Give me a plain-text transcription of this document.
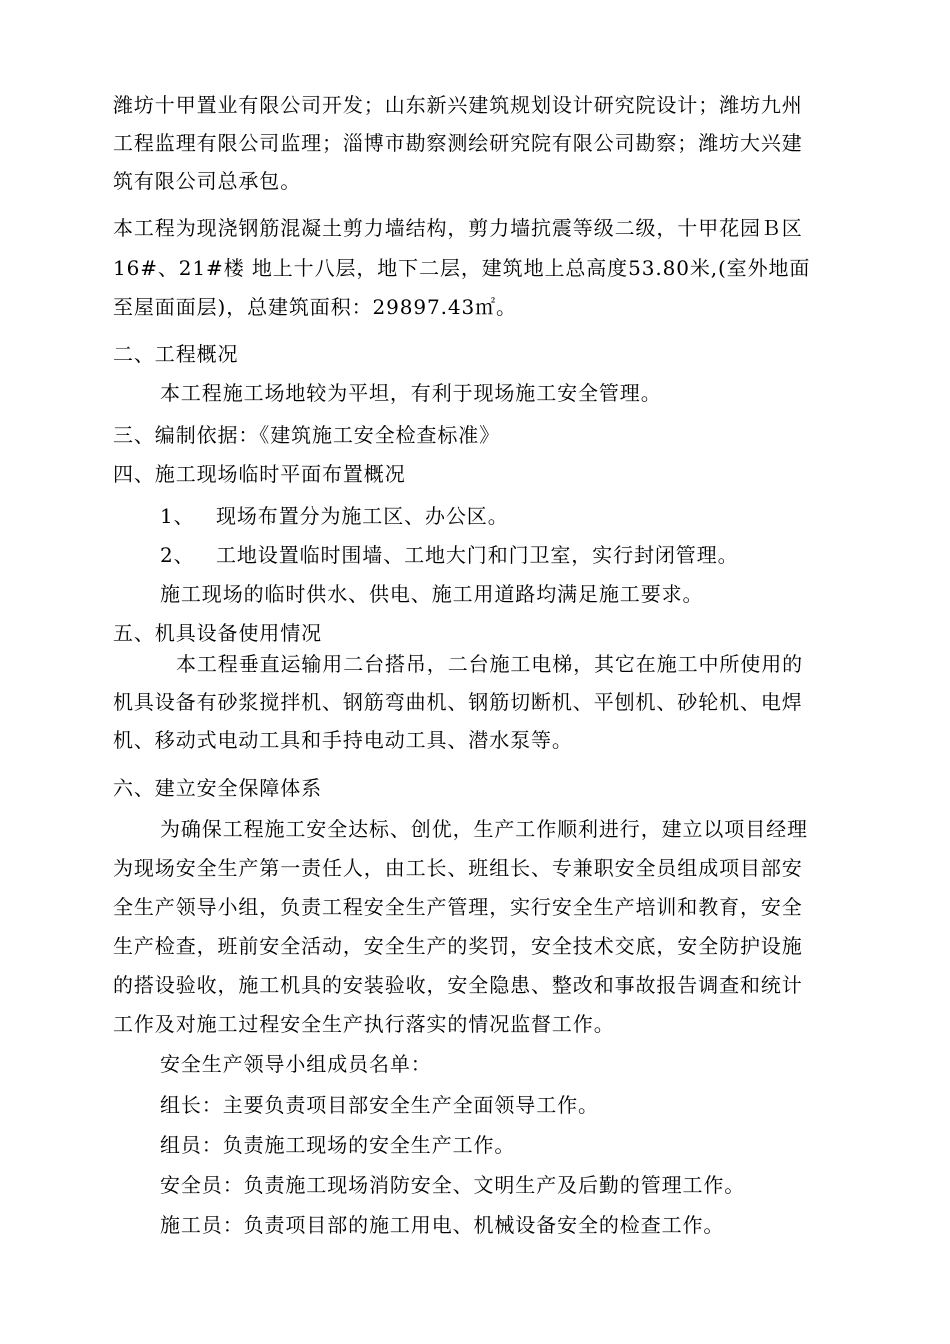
潍坊十甲置业有限公司开发；山东新兴建筑规划设计研究院设计；潍坊九州
工程监理有限公司监理；淄博市勘察测绘研究院有限公司勘察；潍坊大兴建
筑有限公司总承包。
本工程为现浇钢筋混凝土剪力墙结构，剪力墙抗震等级二级，十甲花园Ｂ区
16#、21#楼 地上十八层，地下二层，建筑地上总高度53.80米,(室外地面
至屋面面层)，总建筑面积：29897.43㎡。
二、工程概况
本工程施工场地较为平坦，有利于现场施工安全管理。
三、编制依据：《建筑施工安全检查标准》
四、施工现场临时平面布置概况
1、 现场布置分为施工区、办公区。
2、 工地设置临时围墙、工地大门和门卫室，实行封闭管理。
施工现场的临时供水、供电、施工用道路均满足施工要求。
五、机具设备使用情况
本工程垂直运输用二台搭吊，二台施工电梯，其它在施工中所使用的
机具设备有砂浆搅拌机、钢筋弯曲机、钢筋切断机、平刨机、砂轮机、电焊
机、移动式电动工具和手持电动工具、潜水泵等。
六、建立安全保障体系
为确保工程施工安全达标、创优，生产工作顺利进行，建立以项目经理
为现场安全生产第一责任人，由工长、班组长、专兼职安全员组成项目部安
全生产领导小组，负责工程安全生产管理，实行安全生产培训和教育，安全
生产检查，班前安全活动，安全生产的奖罚，安全技术交底，安全防护设施
的搭设验收，施工机具的安装验收，安全隐患、整改和事故报告调查和统计
工作及对施工过程安全生产执行落实的情况监督工作。
安全生产领导小组成员名单：
组长：主要负责项目部安全生产全面领导工作。
组员：负责施工现场的安全生产工作。
安全员：负责施工现场消防安全、文明生产及后勤的管理工作。
施工员：负责项目部的施工用电、机械设备安全的检查工作。
